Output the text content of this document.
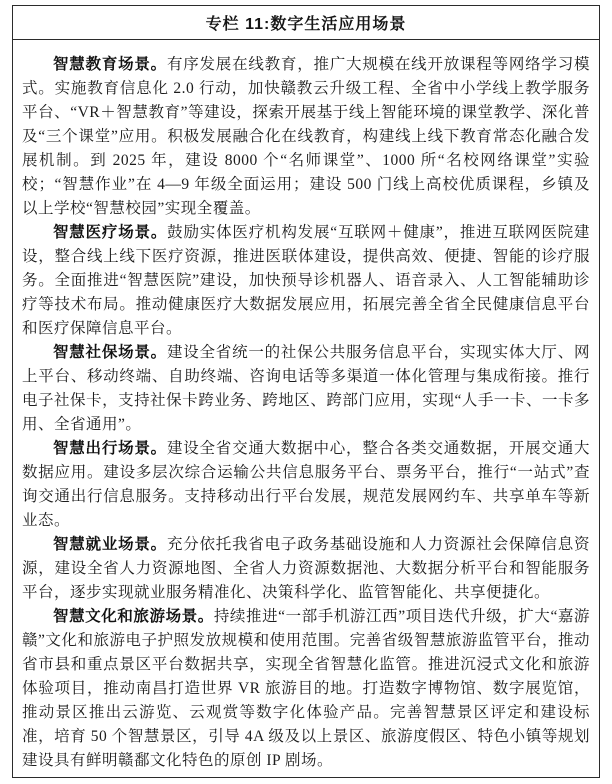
专栏 11:数字生活应用场景

智慧教育场景。有序发展在线教育，推广大规模在线开放课程等网络学习模式。实施教育信息化 2.0 行动，加快赣教云升级工程、全省中小学线上教学服务平台、“VR＋智慧教育”等建设，探索开展基于线上智能环境的课堂教学、深化普及“三个课堂”应用。积极发展融合化在线教育，构建线上线下教育常态化融合发展机制。到 2025 年，建设 8000 个“名师课堂”、1000 所“名校网络课堂”实验校；“智慧作业”在 4—9 年级全面运用；建设 500 门线上高校优质课程，乡镇及以上学校“智慧校园”实现全覆盖。

智慧医疗场景。鼓励实体医疗机构发展“互联网＋健康”，推进互联网医院建设，整合线上线下医疗资源，推进医联体建设，提供高效、便捷、智能的诊疗服务。全面推进“智慧医院”建设，加快预导诊机器人、语音录入、人工智能辅助诊疗等技术布局。推动健康医疗大数据发展应用，拓展完善全省全民健康信息平台和医疗保障信息平台。

智慧社保场景。建设全省统一的社保公共服务信息平台，实现实体大厅、网上平台、移动终端、自助终端、咨询电话等多渠道一体化管理与集成衔接。推行电子社保卡，支持社保卡跨业务、跨地区、跨部门应用，实现“人手一卡、一卡多用、全省通用”。

智慧出行场景。建设全省交通大数据中心，整合各类交通数据，开展交通大数据应用。建设多层次综合运输公共信息服务平台、票务平台，推行“一站式”查询交通出行信息服务。支持移动出行平台发展，规范发展网约车、共享单车等新业态。

智慧就业场景。充分依托我省电子政务基础设施和人力资源社会保障信息资源，建设全省人力资源地图、全省人力资源数据池、大数据分析平台和智能服务平台，逐步实现就业服务精准化、决策科学化、监管智能化、共享便捷化。

智慧文化和旅游场景。持续推进“一部手机游江西”项目迭代升级，扩大“嘉游赣”文化和旅游电子护照发放规模和使用范围。完善省级智慧旅游监管平台，推动省市县和重点景区平台数据共享，实现全省智慧化监管。推进沉浸式文化和旅游体验项目，推动南昌打造世界 VR 旅游目的地。打造数字博物馆、数字展览馆，推动景区推出云游览、云观赏等数字化体验产品。完善智慧景区评定和建设标准，培育 50 个智慧景区，引导 4A 级及以上景区、旅游度假区、特色小镇等规划建设具有鲜明赣鄱文化特色的原创 IP 剧场。
